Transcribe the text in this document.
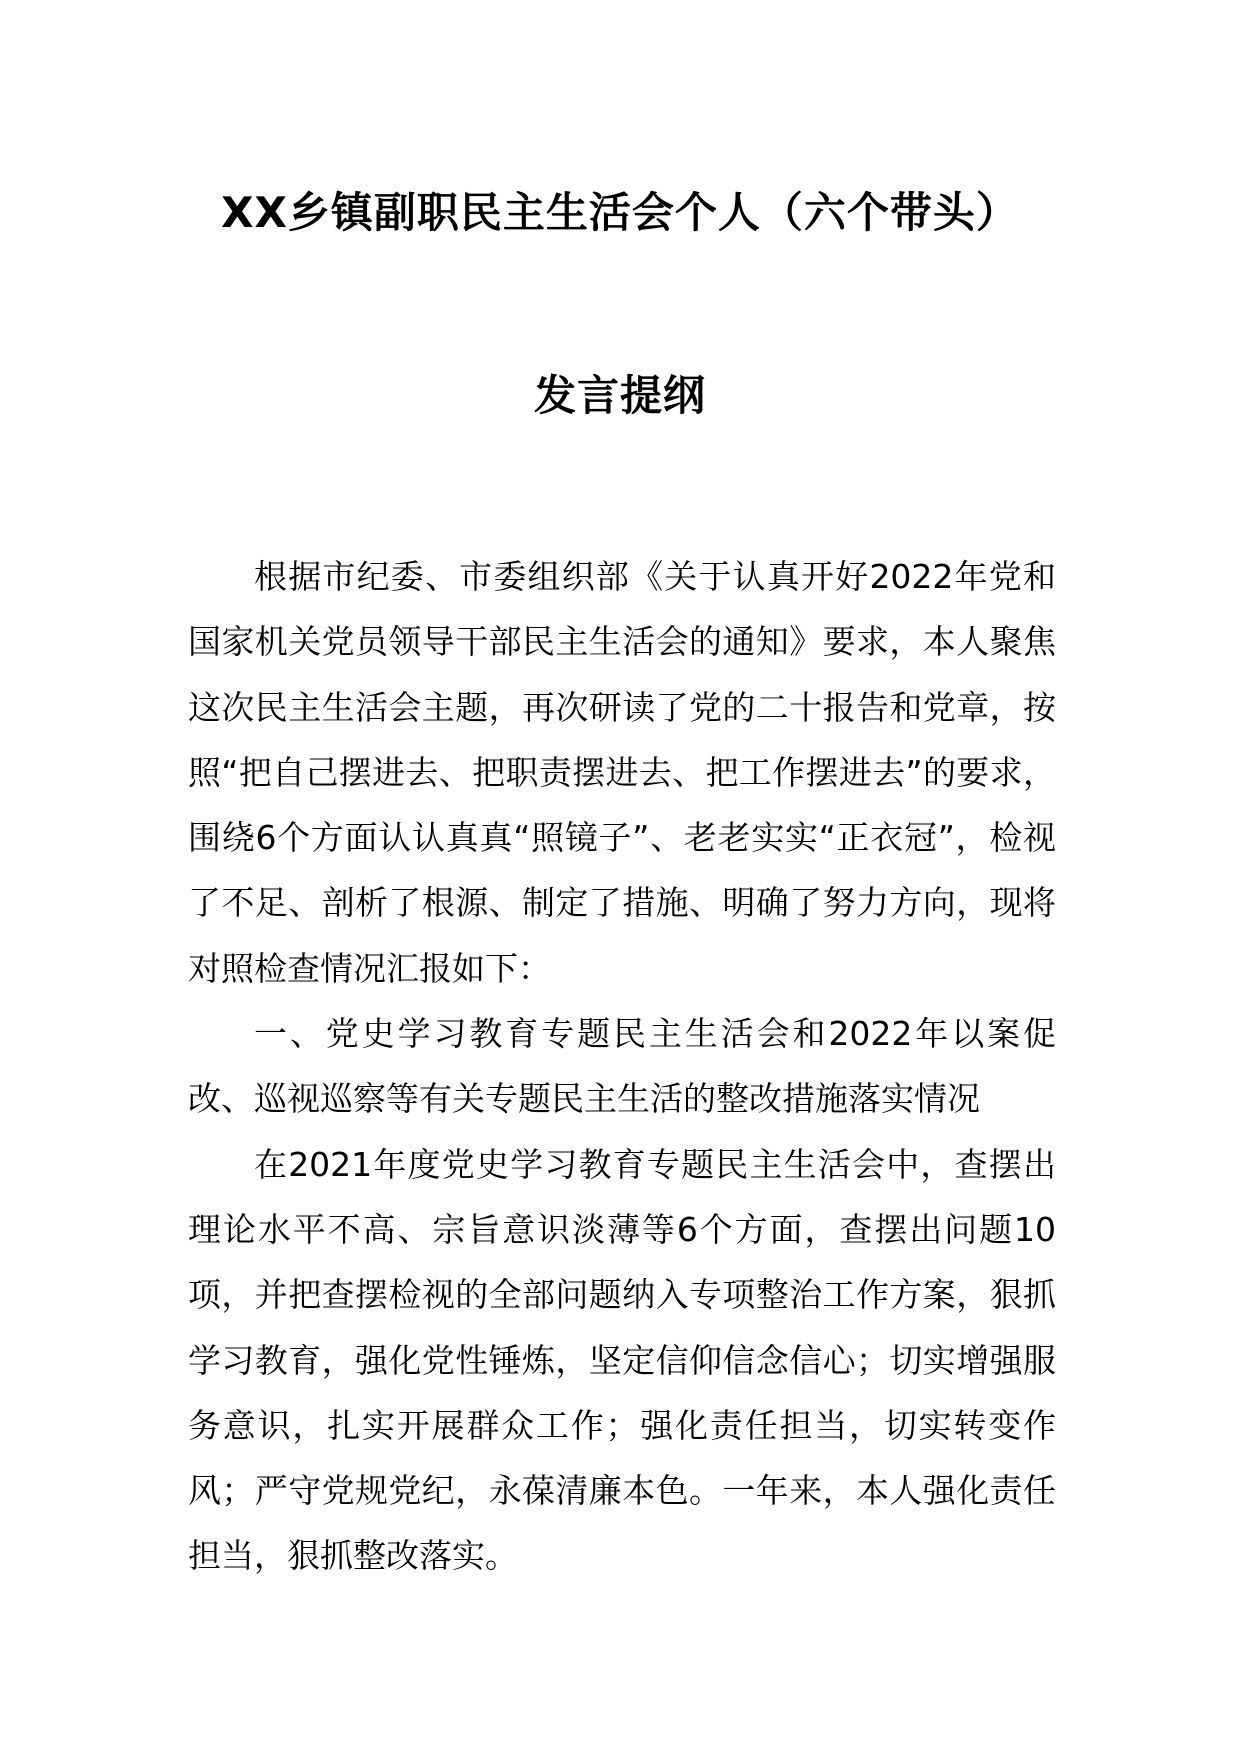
XX乡镇副职民主生活会个人（六个带头）
发言提纲

根据市纪委、市委组织部《关于认真开好2022年党和国家机关党员领导干部民主生活会的通知》要求，本人聚焦这次民主生活会主题，再次研读了党的二十报告和党章，按照“把自己摆进去、把职责摆进去、把工作摆进去”的要求，围绕6个方面认认真真“照镜子”、老老实实“正衣冠”，检视了不足、剖析了根源、制定了措施、明确了努力方向，现将对照检查情况汇报如下：

一、党史学习教育专题民主生活会和2022年以案促改、巡视巡察等有关专题民主生活的整改措施落实情况

在2021年度党史学习教育专题民主生活会中，查摆出理论水平不高、宗旨意识淡薄等6个方面，查摆出问题10项，并把查摆检视的全部问题纳入专项整治工作方案，狠抓学习教育，强化党性锤炼，坚定信仰信念信心；切实增强服务意识，扎实开展群众工作；强化责任担当，切实转变作风；严守党规党纪，永葆清廉本色。一年来，本人强化责任担当，狠抓整改落实。
